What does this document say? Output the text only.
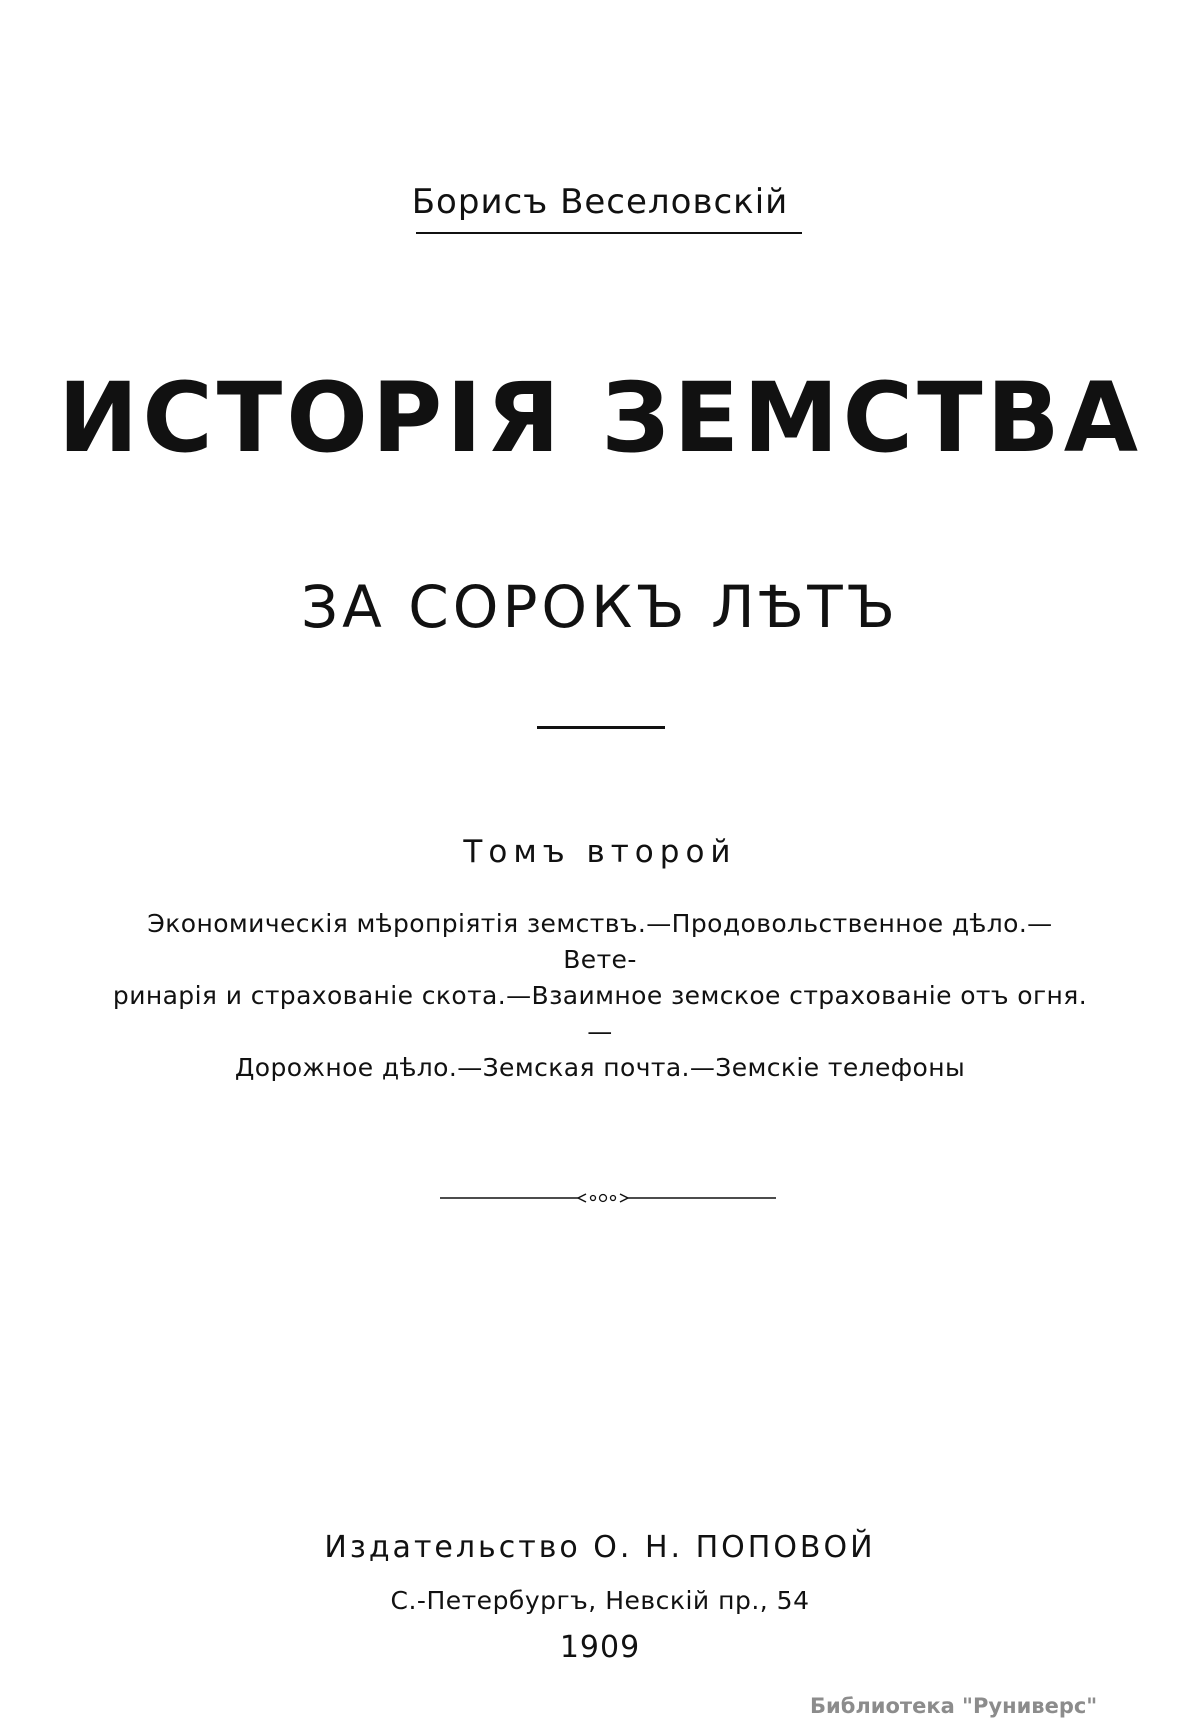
Борисъ Веселовскій
ИСТОРІЯ ЗЕМСТВА
ЗА СОРОКЪ ЛѢТЪ
Томъ второй
Экономическія мѣропріятія земствъ.—Продовольственное дѣло.—Вете-
ринарія и страхованіе скота.—Взаимное земское страхованіе отъ огня.—
Дорожное дѣло.—Земская почта.—Земскіе телефоны
Издательство О. Н. ПОПОВОЙ
С.-Петербургъ, Невскій пр., 54
1909
Библиотека "Руниверс"
